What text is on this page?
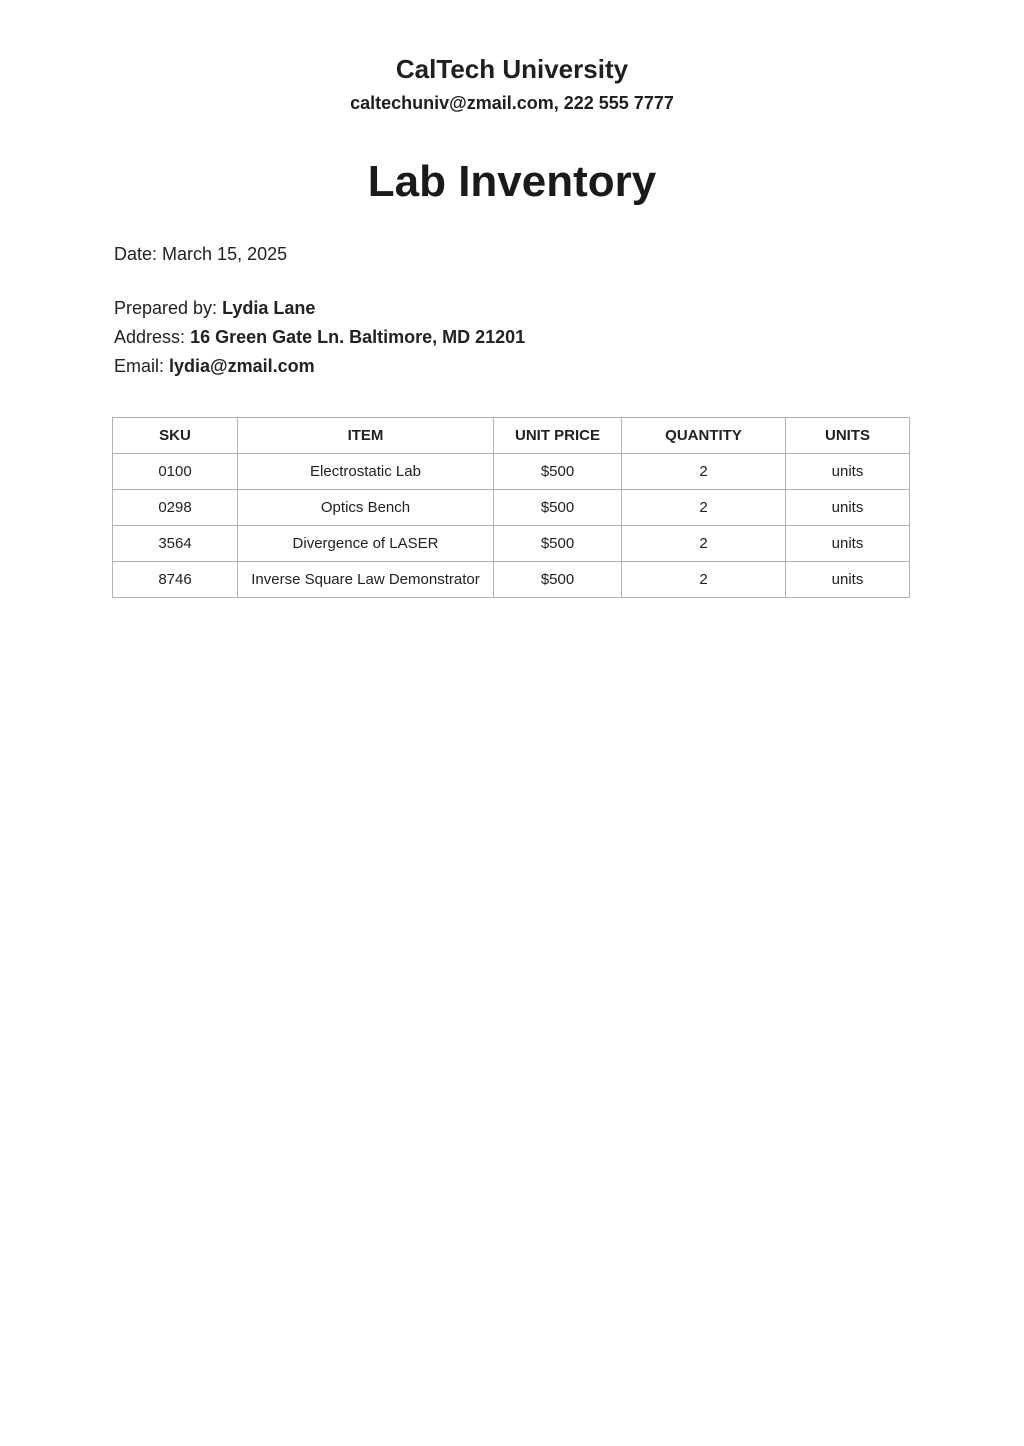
CalTech University
caltechuniv@zmail.com, 222 555 7777
Lab Inventory
Date: March 15, 2025
Prepared by: Lydia Lane
Address: 16 Green Gate Ln. Baltimore, MD 21201
Email: lydia@zmail.com
SKU	ITEM	UNIT PRICE	QUANTITY	UNITS
0100	Electrostatic Lab	$500	2	units
0298	Optics Bench	$500	2	units
3564	Divergence of LASER	$500	2	units
8746	Inverse Square Law Demonstrator	$500	2	units
